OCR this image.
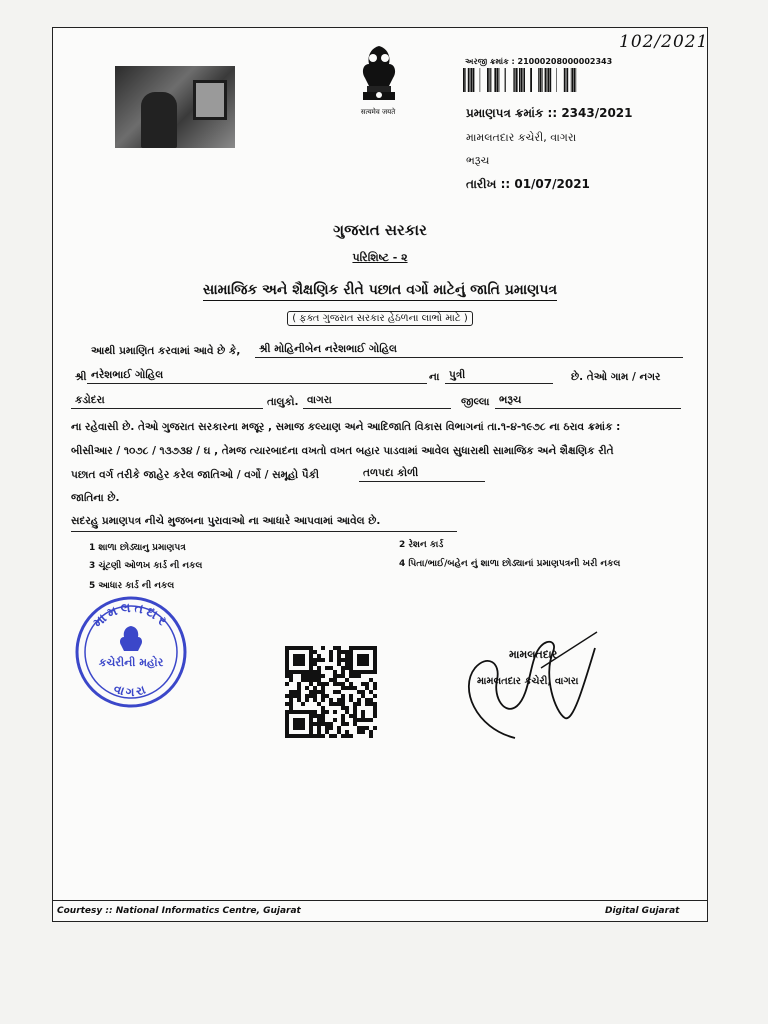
सत्यमेव जयते
102/2021
અરજી ક્રમાંક : 21000208000002343
પ્રમાણપત્ર ક્રમાંક :: 2343/2021
મામલતદાર કચેરી, વાગરા
ભરૂચ
તારીખ :: 01/07/2021
ગુજરાત સરકાર
પરિશિષ્ટ - ૨
સામાજિક અને શૈક્ષણિક રીતે પછાત વર્ગો માટેનું જાતિ પ્રમાણપત્ર
( ફક્ત ગુજરાત સરકાર હેઠળના લાભો માટે )
આથી પ્રમાણિત કરવામાં આવે છે કે,	શ્રી મોહિનીબેન નરેશભાઈ ગોહિલ
શ્રી નરેશભાઈ ગોહિલ	ના પુત્રી	છે. તેઓ ગામ / નગર
કડોદરા	તાલુકો. વાગરા	જીલ્લા ભરૂચ
ના રહેવાસી છે. તેઓ ગુજરાત સરકારના મજૂર , સમાજ કલ્યાણ અને આદિજાતિ વિકાસ વિભાગનાં તા.૧-૪-૧૯૭૮ ના ઠરાવ ક્રમાંક :
બીસીઆર / ૧૦૭૮ / ૧૩૭૩૪ / ઘ , તેમજ ત્યારબાદના વખતો વખત બહાર પાડવામાં આવેલ સુધારાથી સામાજિક અને શૈક્ષણિક રીતે
પછાત વર્ગ તરીકે જાહેર કરેલ જાતિઓ / વર્ગો / સમૂહો પૈકી	તળપદા કોળી
જાતિના છે.
સદરહુ પ્રમાણપત્ર નીચે મુજબના પુરાવાઓ ના આધારે આપવામાં આવેલ છે.
1 શાળા છોડ્યાનુ પ્રમાણપત્ર	2 રેશન કાર્ડ
3 ચૂંટણી ઓળખ કાર્ડ ની નકલ	4 પિતા/ભાઈ/બહેન નું શાળા છોડ્યાનાં પ્રમાણપત્રની ખરી નકલ
5 આધાર કાર્ડ ની નકલ
મામલતદાર
કચેરીની મહોર
વાગરા
મામલતદાર
મામલતદાર કચેરી, વાગરા
Courtesy :: National Informatics Centre, Gujarat	Digital Gujarat
